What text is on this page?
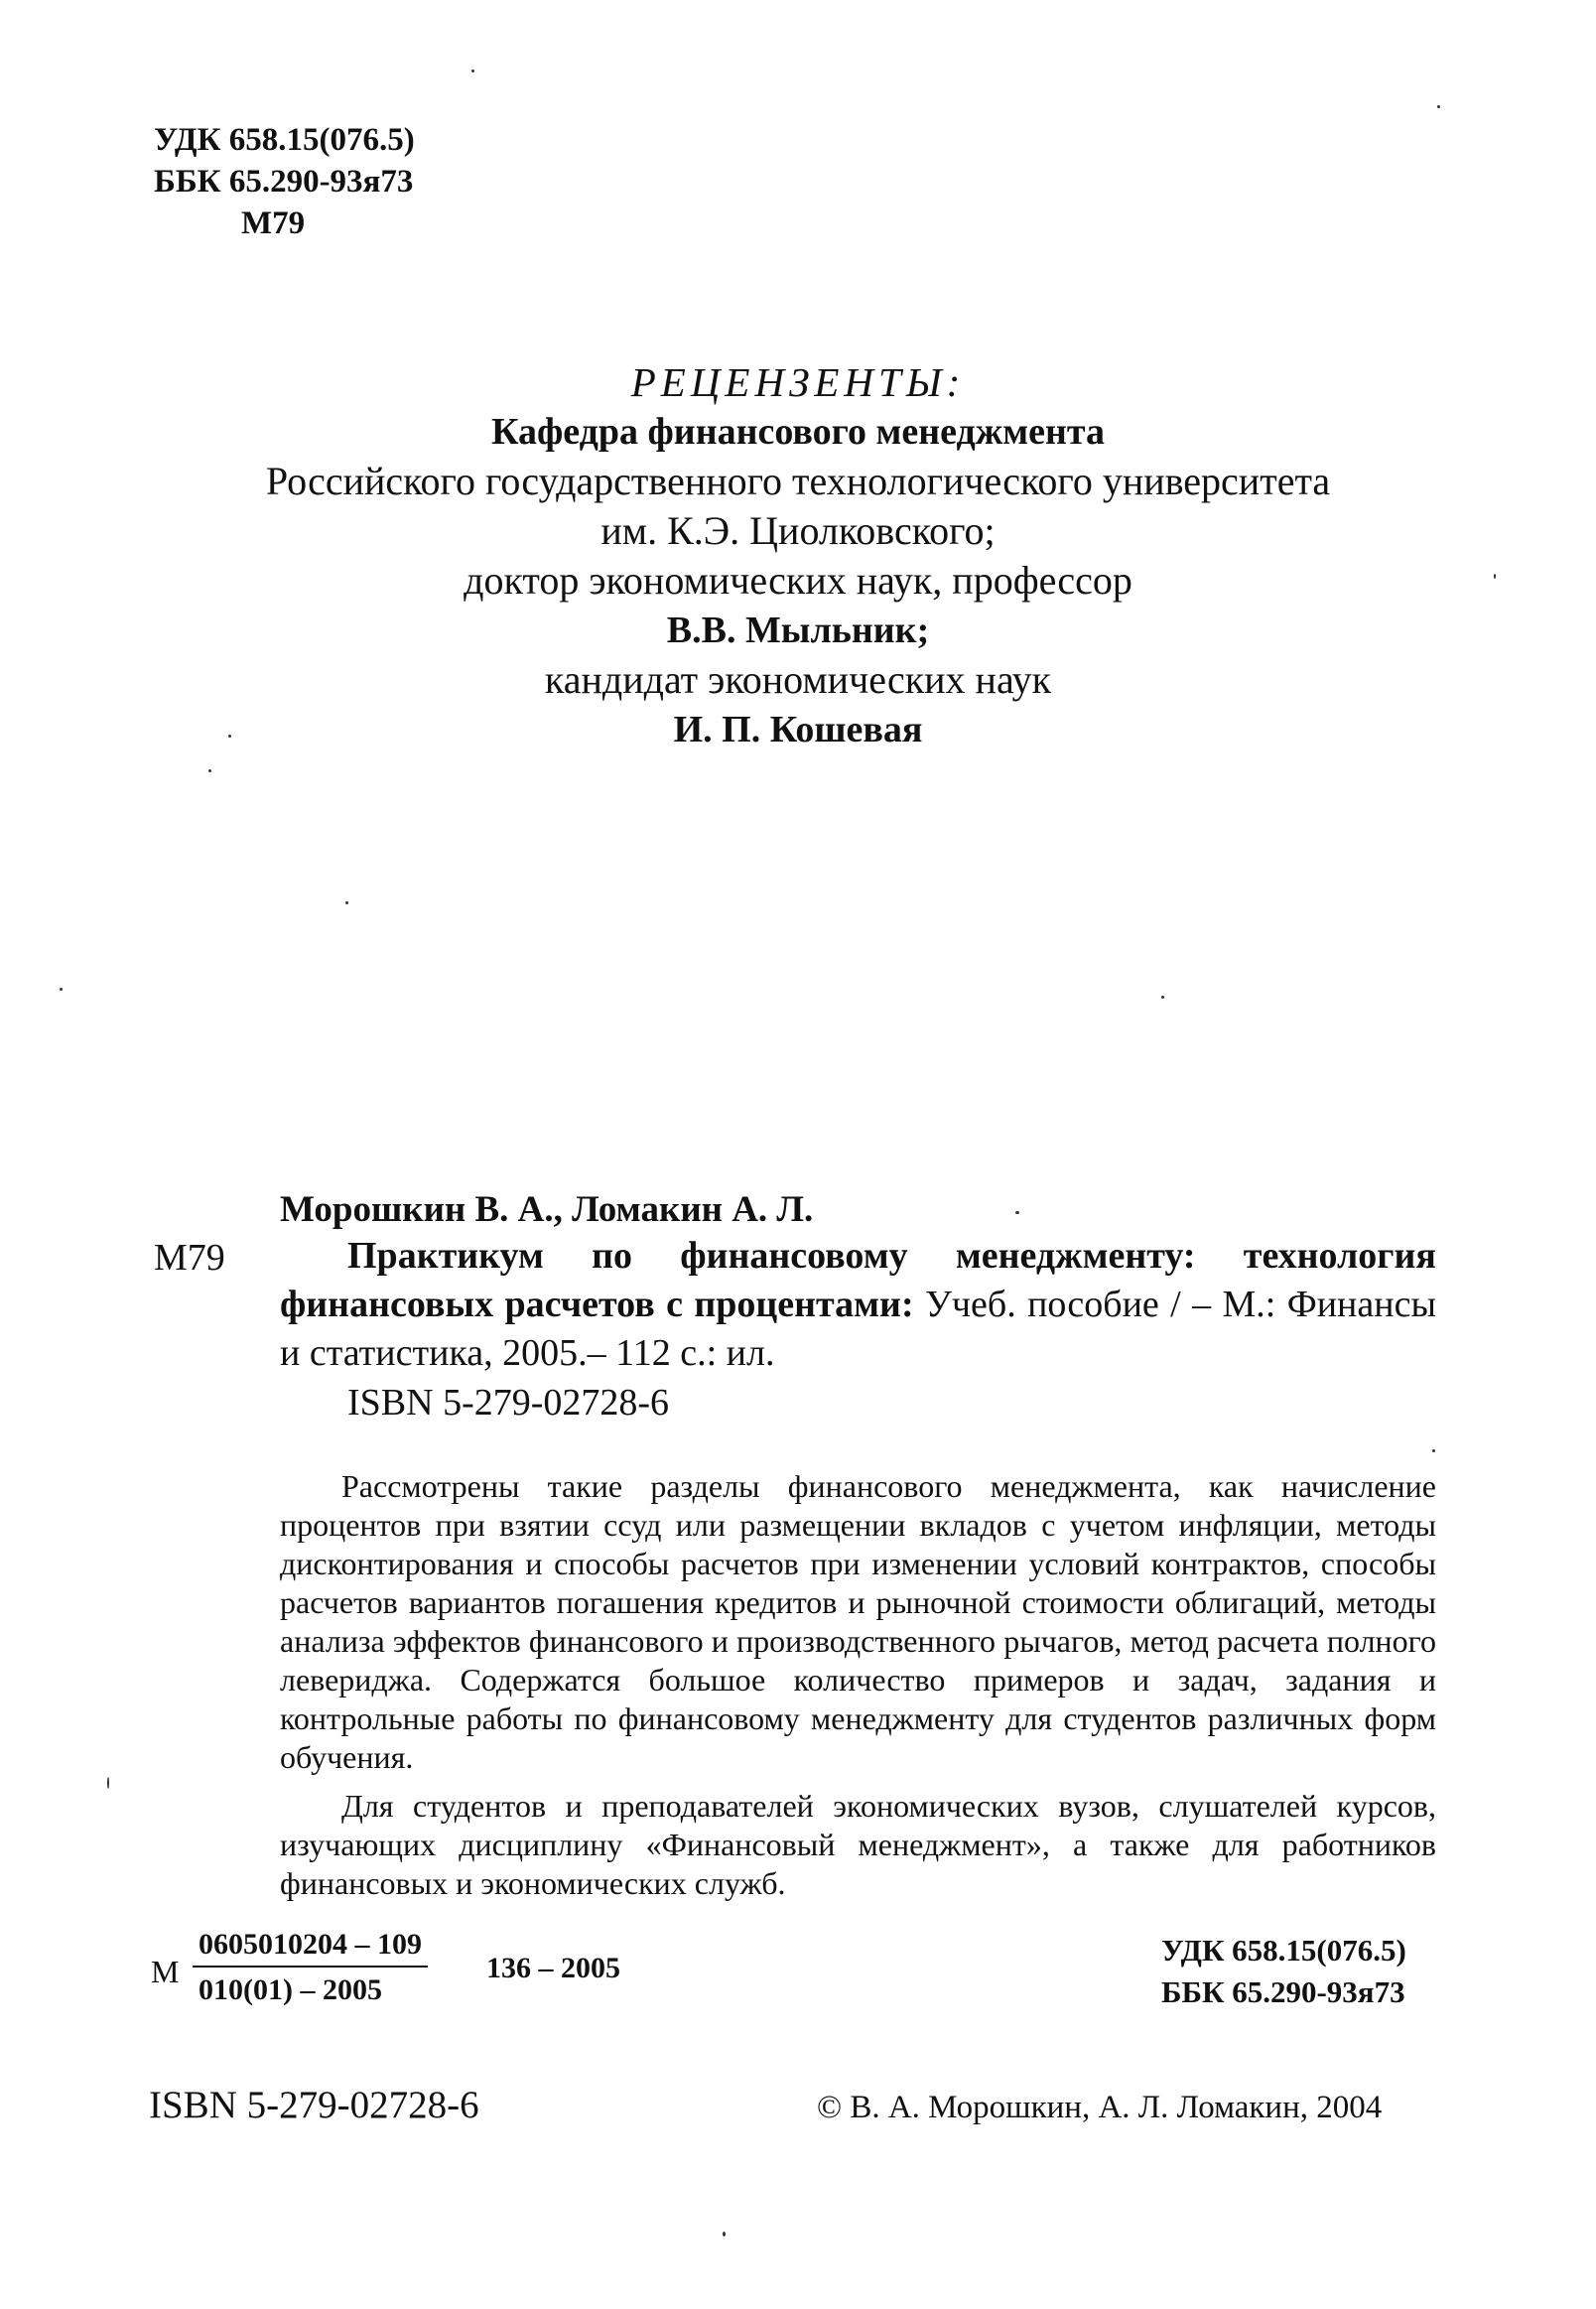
УДК 658.15(076.5)
ББК 65.290-93я73
М79
РЕЦЕНЗЕНТЫ:
Кафедра финансового менеджмента
Российского государственного технологического университета
им. К.Э. Циолковского;
доктор экономических наук, профессор
В.В. Мыльник;
кандидат экономических наук
И. П. Кошевая
Морошкин В. А., Ломакин А. Л.
М79	Практикум по финансовому менеджменту: технология финансовых расчетов с процентами: Учеб. пособие / – М.: Финансы и статистика, 2005.– 112 с.: ил.
ISBN 5-279-02728-6

Рассмотрены такие разделы финансового менеджмента, как начисление процентов при взятии ссуд или размещении вкладов с учетом инфляции, методы дисконтирования и способы расчетов при изменении условий контрактов, способы расчетов вариантов погашения кредитов и рыночной стоимости облигаций, методы анализа эффектов финансового и производственного рычагов, метод расчета полного левериджа. Содержатся большое количество примеров и задач, задания и контрольные работы по финансовому менеджменту для студентов различных форм обучения.

Для студентов и преподавателей экономических вузов, слушателей курсов, изучающих дисциплину «Финансовый менеджмент», а также для работников финансовых и экономических служб.

М
0605010204 – 109
010(01) – 2005
136 – 2005
УДК 658.15(076.5)
ББК 65.290-93я73
ISBN 5-279-02728-6	© В. А. Морошкин, А. Л. Ломакин, 2004
